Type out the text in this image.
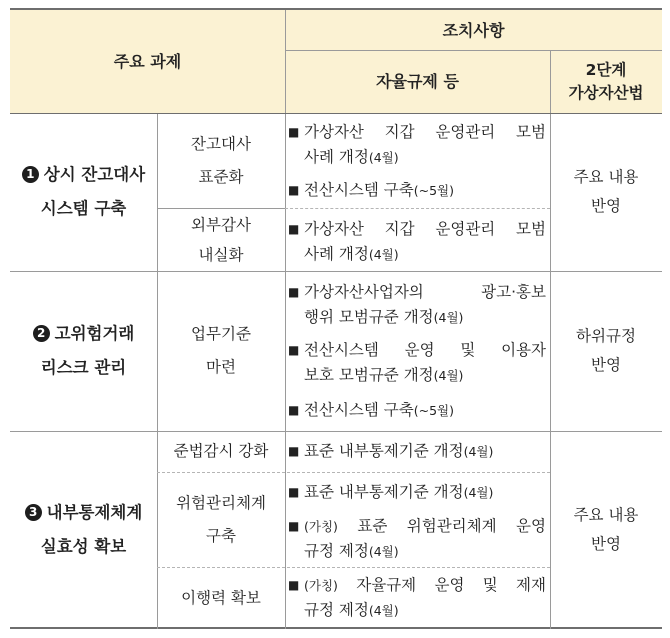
주요 과제
조치사항
자율규제 등
2단계
가상자산법
1 상시 잔고대사
시스템 구축
잔고대사
표준화
외부감사
내실화
■ 가상자산 지갑 운영관리 모범
사례 개정(4월)
■ 전산시스템 구축(~5월)
■ 가상자산 지갑 운영관리 모범
사례 개정(4월)
주요 내용
반영
2 고위험거래
리스크 관리
업무기준
마련
■ 가상자산사업자의 광고·홍보
행위 모범규준 개정(4월)
■ 전산시스템 운영 및 이용자
보호 모범규준 개정(4월)
■ 전산시스템 구축(~5월)
하위규정
반영
3 내부통제체계
실효성 확보
준법감시 강화
위험관리체계
구축
이행력 확보
■ 표준 내부통제기준 개정(4월)
■ 표준 내부통제기준 개정(4월)
■ (가칭) 표준 위험관리체계 운영
규정 제정(4월)
■ (가칭) 자율규제 운영 및 제재
규정 제정(4월)
주요 내용
반영
